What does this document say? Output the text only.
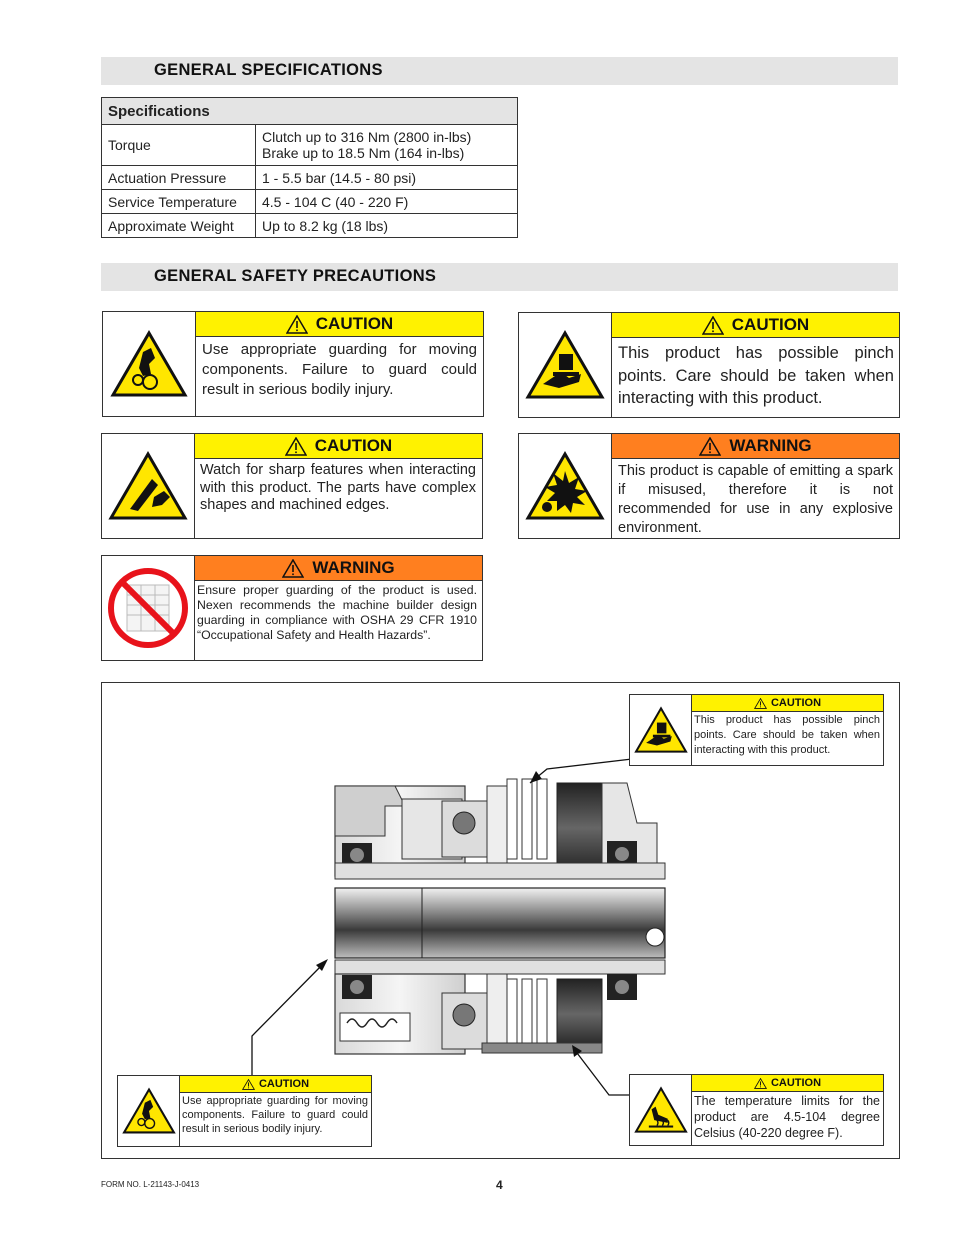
GENERAL SPECIFICATIONS
Specifications	
Torque	Clutch up to 316 Nm (2800 in-lbs)
Brake up to 18.5 Nm (164 in-lbs)

Actuation Pressure	1 - 5.5 bar (14.5 - 80 psi)
Service Temperature	4.5 - 104 C (40 - 220 F)
Approximate Weight	Up to 8.2 kg (18 lbs)
GENERAL SAFETY PRECAUTIONS
CAUTION
Use appropriate guarding for moving components. Failure to guard could result in serious bodily injury.
CAUTION
This product has possible pinch points. Care should be taken when interacting with this product.
CAUTION
Watch for sharp features when interacting with this product. The parts have complex shapes and machined edges.
WARNING
This product is capable of emitting a spark if misused, therefore it is not recommended for use in any explosive environment.
WARNING
Ensure proper guarding of the product is used. Nexen recommends the machine builder design guarding in compliance with OSHA 29 CFR 1910 “Occupational Safety and Health Hazards”.
CAUTION
This product has possible pinch points. Care should be taken when interacting with this product.
CAUTION
Use appropriate guarding for moving components. Failure to guard could result in serious bodily injury.
CAUTION
The temperature limits for the product are 4.5-104 degree Celsius (40-220 degree F).
FORM NO. L-21143-J-0413	4
